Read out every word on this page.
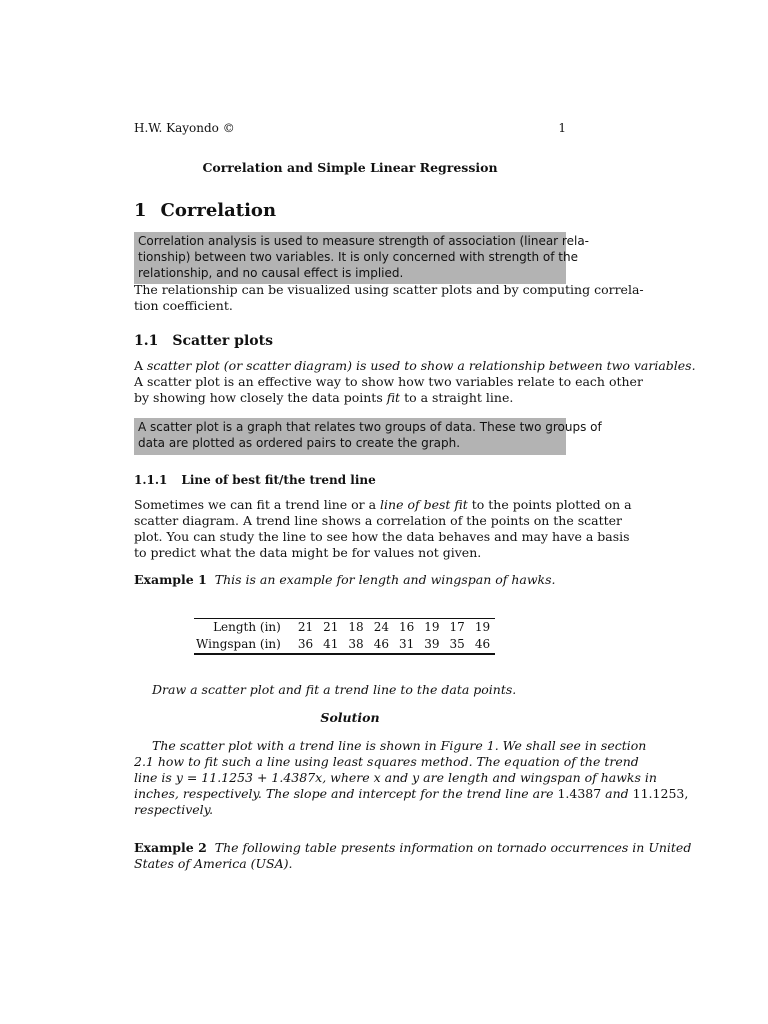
H.W. Kayondo ©	1
Correlation and Simple Linear Regression
1 Correlation
Correlation analysis is used to measure strength of association (linear rela-
tionship) between two variables. It is only concerned with strength of the
relationship, and no causal effect is implied.
The relationship can be visualized using scatter plots and by computing correla-
tion coefficient.
1.1 Scatter plots
A scatter plot (or scatter diagram) is used to show a relationship between two variables.
A scatter plot is an effective way to show how two variables relate to each other
by showing how closely the data points fit to a straight line.
A scatter plot is a graph that relates two groups of data. These two groups of
data are plotted as ordered pairs to create the graph.
1.1.1 Line of best fit/the trend line
Sometimes we can fit a trend line or a line of best fit to the points plotted on a
scatter diagram. A trend line shows a correlation of the points on the scatter
plot. You can study the line to see how the data behaves and may have a basis
to predict what the data might be for values not given.
Example 1 This is an example for length and wingspan of hawks.
Length (in)	21	21	18	24	16	19	17	19
Wingspan (in)	36	41	38	46	31	39	35	46
Draw a scatter plot and fit a trend line to the data points.
Solution
The scatter plot with a trend line is shown in Figure 1. We shall see in section
2.1 how to fit such a line using least squares method. The equation of the trend
line is y = 11.1253 + 1.4387x, where x and y are length and wingspan of hawks in
inches, respectively. The slope and intercept for the trend line are 1.4387 and 11.1253,
respectively.
Example 2 The following table presents information on tornado occurrences in United
States of America (USA).
